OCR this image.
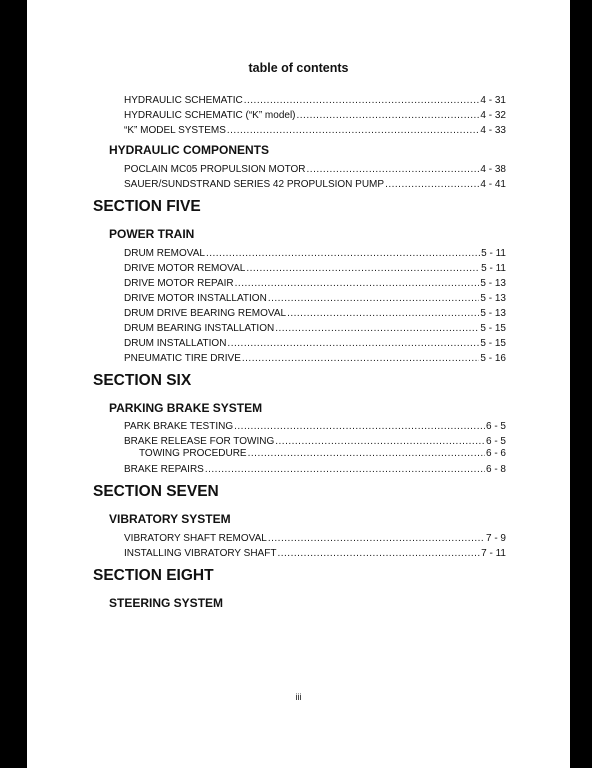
table of contents
HYDRAULIC SCHEMATIC .....	4 - 31
HYDRAULIC SCHEMATIC (“K” model) .....	4 - 32
“K” MODEL SYSTEMS .....	4 - 33
HYDRAULIC COMPONENTS
POCLAIN MC05 PROPULSION MOTOR .....	4 - 38
SAUER/SUNDSTRAND SERIES 42 PROPULSION PUMP .....	4 - 41
SECTION FIVE
POWER TRAIN
DRUM REMOVAL .....	5 - 11
DRIVE MOTOR REMOVAL .....	5 - 11
DRIVE MOTOR REPAIR .....	5 - 13
DRIVE MOTOR INSTALLATION .....	5 - 13
DRUM DRIVE BEARING REMOVAL .....	5 - 13
DRUM BEARING INSTALLATION .....	5 - 15
DRUM INSTALLATION .....	5 - 15
PNEUMATIC TIRE DRIVE .....	5 - 16
SECTION SIX
PARKING BRAKE SYSTEM
PARK BRAKE TESTING .....	6 - 5
BRAKE RELEASE FOR TOWING .....	6 - 5
TOWING PROCEDURE .....	6 - 6
BRAKE REPAIRS .....	6 - 8
SECTION SEVEN
VIBRATORY SYSTEM
VIBRATORY SHAFT REMOVAL .....	7 - 9
INSTALLING VIBRATORY SHAFT .....	7 - 11
SECTION EIGHT
STEERING SYSTEM
iii
